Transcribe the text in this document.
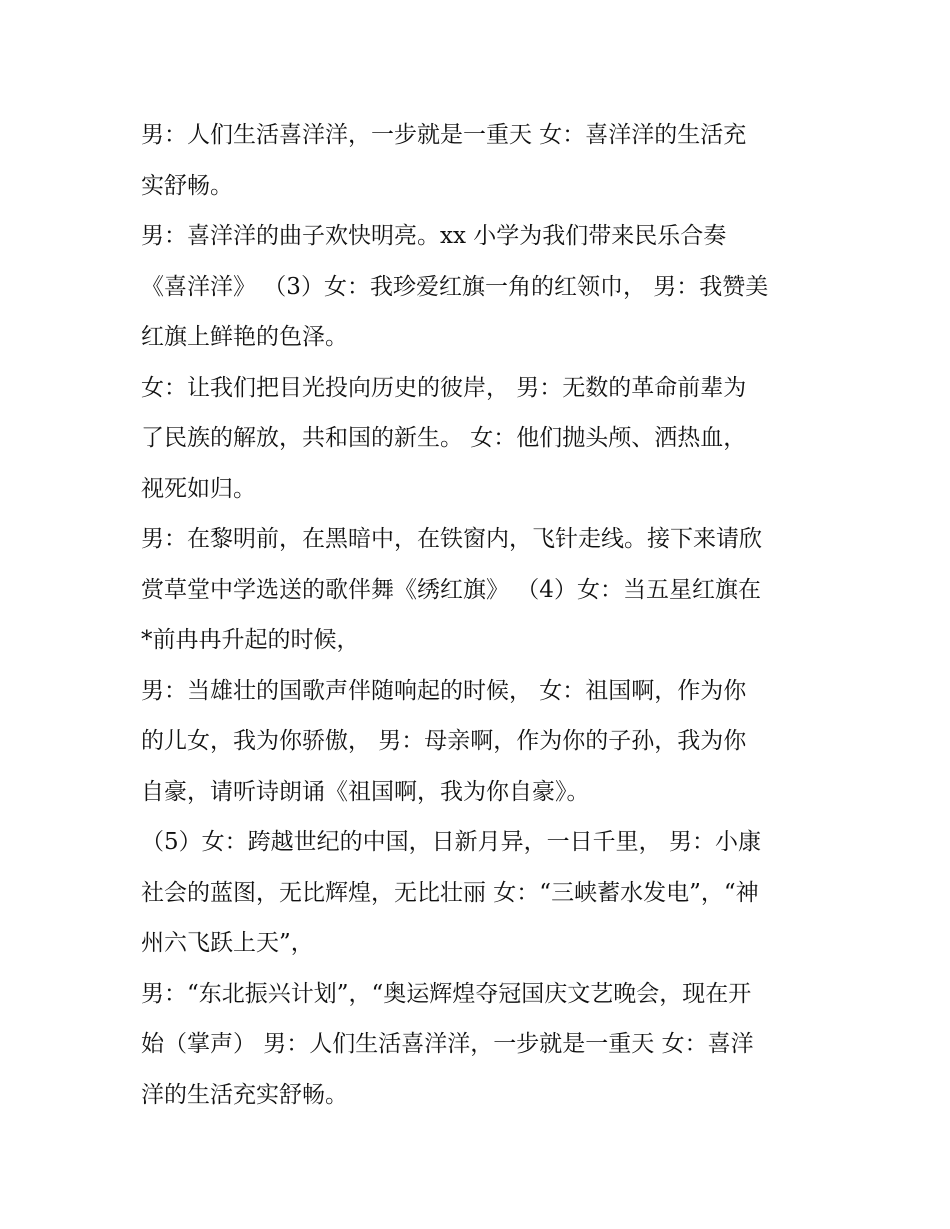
男：人们生活喜洋洋，一步就是一重天 女：喜洋洋的生活充
实舒畅。

男：喜洋洋的曲子欢快明亮。xx 小学为我们带来民乐合奏
《喜洋洋》 （3）女：我珍爱红旗一角的红领巾， 男：我赞美
红旗上鲜艳的色泽。

女：让我们把目光投向历史的彼岸， 男：无数的革命前辈为
了民族的解放，共和国的新生。 女：他们抛头颅、洒热血，
视死如归。

男：在黎明前，在黑暗中，在铁窗内，飞针走线。接下来请欣
赏草堂中学选送的歌伴舞《绣红旗》 （4）女：当五星红旗在
*前冉冉升起的时候，

男：当雄壮的国歌声伴随响起的时候， 女：祖国啊，作为你
的儿女，我为你骄傲， 男：母亲啊，作为你的子孙，我为你
自豪，请听诗朗诵《祖国啊，我为你自豪》。

（5）女：跨越世纪的中国，日新月异，一日千里， 男：小康
社会的蓝图，无比辉煌，无比壮丽 女：“三峡蓄水发电”，“神
州六飞跃上天”，

男：“东北振兴计划”，“奥运辉煌夺冠国庆文艺晚会，现在开
始（掌声） 男：人们生活喜洋洋，一步就是一重天 女：喜洋
洋的生活充实舒畅。
